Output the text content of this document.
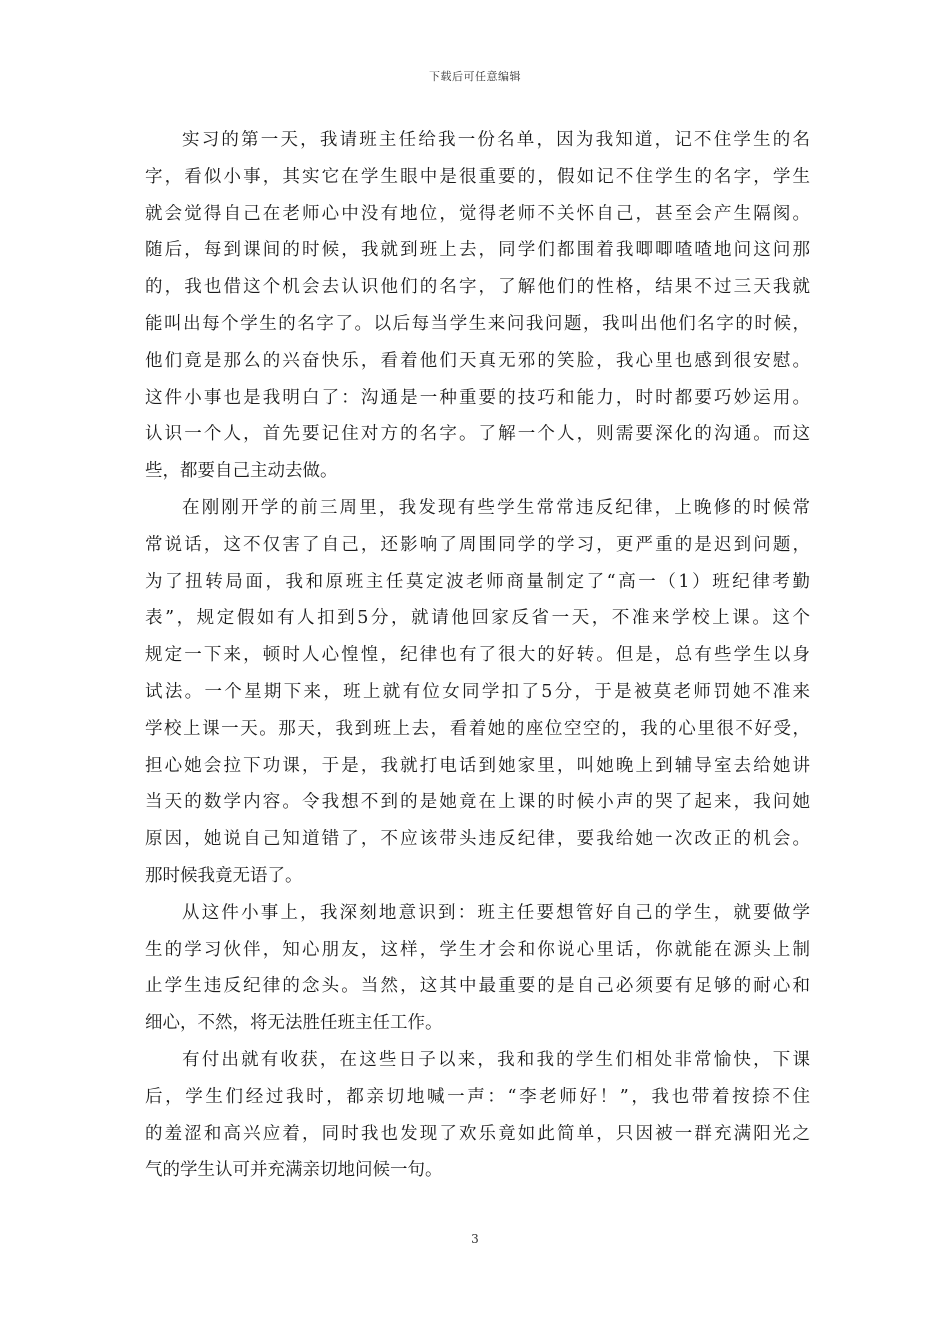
下载后可任意编辑
实习的第一天，我请班主任给我一份名单，因为我知道，记不住学生的名
字，看似小事，其实它在学生眼中是很重要的，假如记不住学生的名字，学生
就会觉得自己在老师心中没有地位，觉得老师不关怀自己，甚至会产生隔阂。
随后，每到课间的时候，我就到班上去，同学们都围着我唧唧喳喳地问这问那
的，我也借这个机会去认识他们的名字，了解他们的性格，结果不过三天我就
能叫出每个学生的名字了。以后每当学生来问我问题，我叫出他们名字的时候，
他们竟是那么的兴奋快乐，看着他们天真无邪的笑脸，我心里也感到很安慰。
这件小事也是我明白了：沟通是一种重要的技巧和能力，时时都要巧妙运用。
认识一个人，首先要记住对方的名字。了解一个人，则需要深化的沟通。而这
些，都要自己主动去做。
在刚刚开学的前三周里，我发现有些学生常常违反纪律，上晚修的时候常
常说话，这不仅害了自己，还影响了周围同学的学习，更严重的是迟到问题，
为了扭转局面，我和原班主任莫定波老师商量制定了“高一（1）班纪律考勤
表”，规定假如有人扣到5分，就请他回家反省一天，不准来学校上课。这个
规定一下来，顿时人心惶惶，纪律也有了很大的好转。但是，总有些学生以身
试法。一个星期下来，班上就有位女同学扣了5分，于是被莫老师罚她不准来
学校上课一天。那天，我到班上去，看着她的座位空空的，我的心里很不好受，
担心她会拉下功课，于是，我就打电话到她家里，叫她晚上到辅导室去给她讲
当天的数学内容。令我想不到的是她竟在上课的时候小声的哭了起来，我问她
原因，她说自己知道错了，不应该带头违反纪律，要我给她一次改正的机会。
那时候我竟无语了。
从这件小事上，我深刻地意识到：班主任要想管好自己的学生，就要做学
生的学习伙伴，知心朋友，这样，学生才会和你说心里话，你就能在源头上制
止学生违反纪律的念头。当然，这其中最重要的是自己必须要有足够的耐心和
细心，不然，将无法胜任班主任工作。
有付出就有收获，在这些日子以来，我和我的学生们相处非常愉快，下课
后，学生们经过我时，都亲切地喊一声：“李老师好！”，我也带着按捺不住
的羞涩和高兴应着，同时我也发现了欢乐竟如此简单，只因被一群充满阳光之
气的学生认可并充满亲切地问候一句。
3
